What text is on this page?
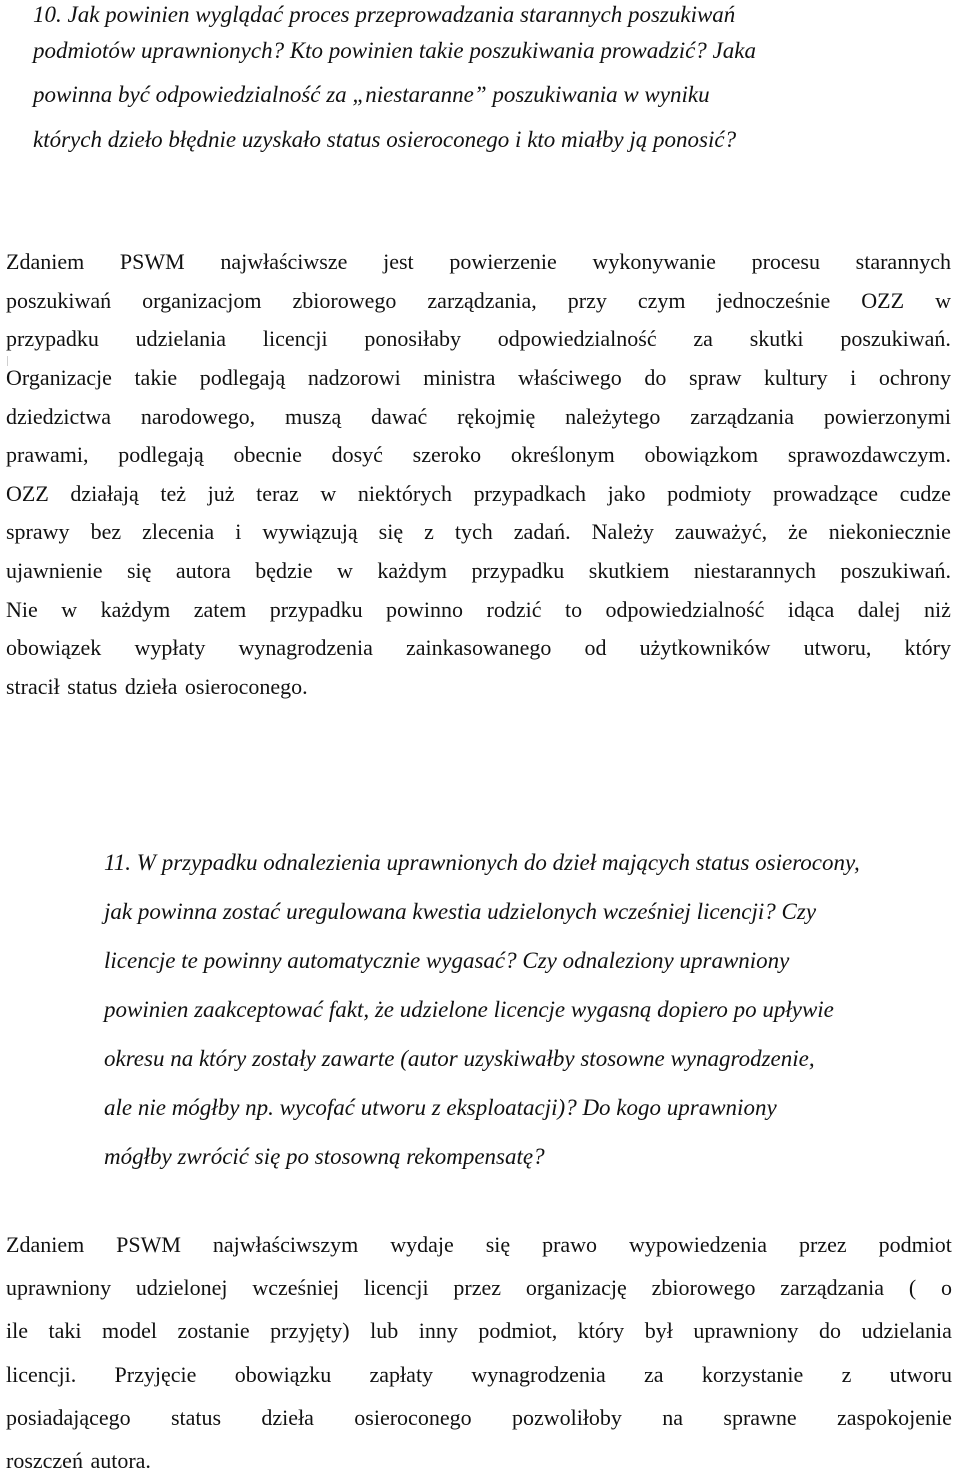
10. Jak powinien wyglądać proces przeprowadzania starannych poszukiwań
podmiotów uprawnionych? Kto powinien takie poszukiwania prowadzić? Jaka
powinna być odpowiedzialność za „niestaranne” poszukiwania w wyniku
których dzieło błędnie uzyskało status osieroconego i kto miałby ją ponosić?
Zdaniem PSWM najwłaściwsze jest powierzenie wykonywanie procesu starannych
poszukiwań organizacjom zbiorowego zarządzania, przy czym jednocześnie OZZ w
przypadku udzielania licencji ponosiłaby odpowiedzialność za skutki poszukiwań.
Organizacje takie podlegają nadzorowi ministra właściwego do spraw kultury i ochrony
dziedzictwa narodowego, muszą dawać rękojmię należytego zarządzania powierzonymi
prawami, podlegają obecnie dosyć szeroko określonym obowiązkom sprawozdawczym.
OZZ działają też już teraz w niektórych przypadkach jako podmioty prowadzące cudze
sprawy bez zlecenia i wywiązują się z tych zadań. Należy zauważyć, że niekoniecznie
ujawnienie się autora będzie w każdym przypadku skutkiem niestarannych poszukiwań.
Nie w każdym zatem przypadku powinno rodzić to odpowiedzialność idąca dalej niż
obowiązek wypłaty wynagrodzenia zainkasowanego od użytkowników utworu, który
stracił status dzieła osieroconego.
11. W przypadku odnalezienia uprawnionych do dzieł mających status osierocony,
jak powinna zostać uregulowana kwestia udzielonych wcześniej licencji? Czy
licencje te powinny automatycznie wygasać? Czy odnaleziony uprawniony
powinien zaakceptować fakt, że udzielone licencje wygasną dopiero po upływie
okresu na który zostały zawarte (autor uzyskiwałby stosowne wynagrodzenie,
ale nie mógłby np. wycofać utworu z eksploatacji)? Do kogo uprawniony
mógłby zwrócić się po stosowną rekompensatę?
Zdaniem PSWM najwłaściwszym wydaje się prawo wypowiedzenia przez podmiot
uprawniony udzielonej wcześniej licencji przez organizację zbiorowego zarządzania ( o
ile taki model zostanie przyjęty) lub inny podmiot, który był uprawniony do udzielania
licencji. Przyjęcie obowiązku zapłaty wynagrodzenia za korzystanie z utworu
posiadającego status dzieła osieroconego pozwoliłoby na sprawne zaspokojenie
roszczeń autora.
